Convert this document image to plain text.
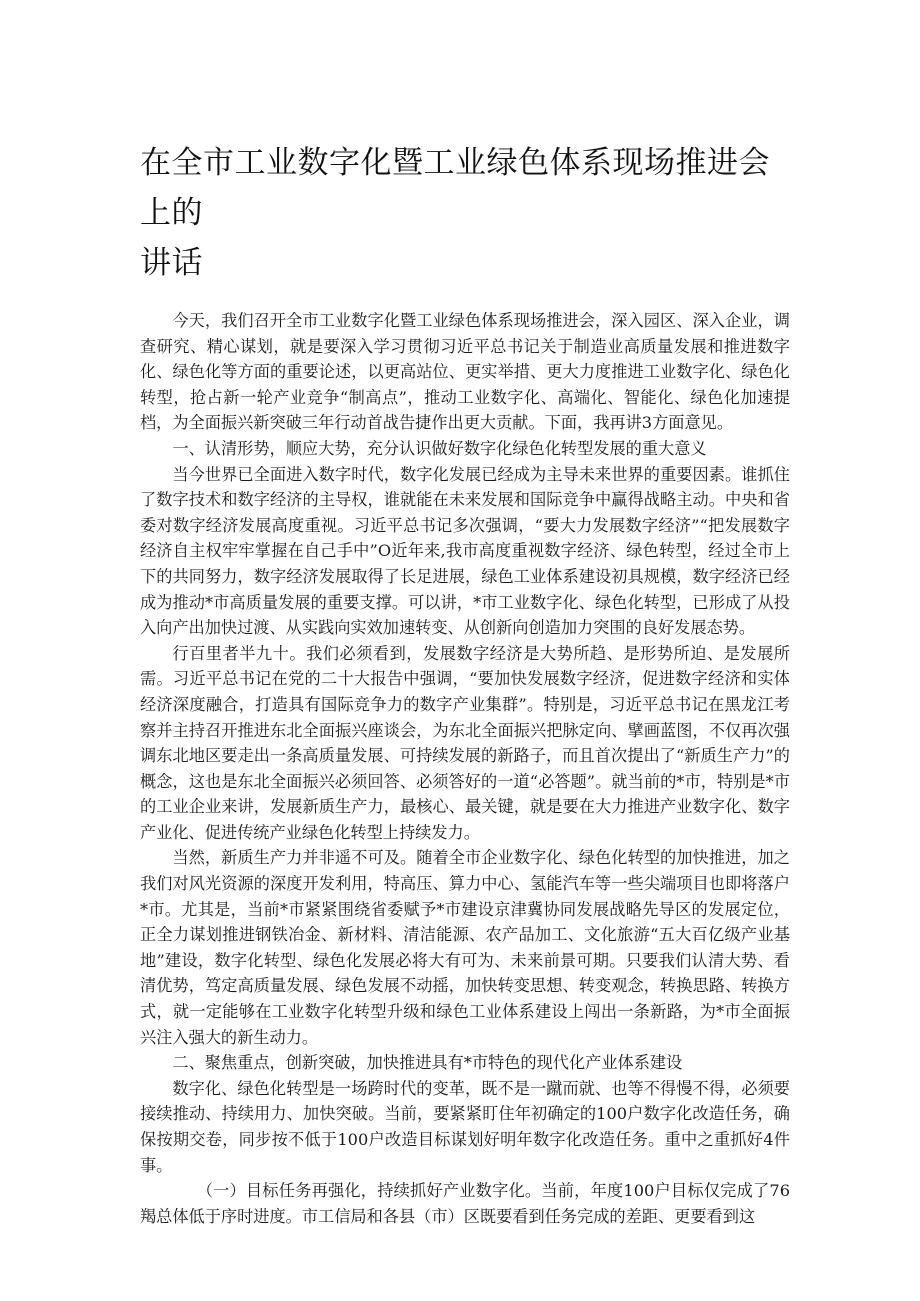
在全市工业数字化暨工业绿色体系现场推进会上的
讲话

今天，我们召开全市工业数字化暨工业绿色体系现场推进会，深入园区、深入企业，调查研究、精心谋划，就是要深入学习贯彻习近平总书记关于制造业高质量发展和推进数字化、绿色化等方面的重要论述，以更高站位、更实举措、更大力度推进工业数字化、绿色化转型，抢占新一轮产业竞争“制高点”，推动工业数字化、高端化、智能化、绿色化加速提档，为全面振兴新突破三年行动首战告捷作出更大贡献。下面，我再讲3方面意见。

一、认清形势，顺应大势，充分认识做好数字化绿色化转型发展的重大意义

当今世界已全面进入数字时代，数字化发展已经成为主导未来世界的重要因素。谁抓住了数字技术和数字经济的主导权，谁就能在未来发展和国际竞争中赢得战略主动。中央和省委对数字经济发展高度重视。习近平总书记多次强调，“要大力发展数字经济”“把发展数字经济自主权牢牢掌握在自己手中”O近年来,我市高度重视数字经济、绿色转型，经过全市上下的共同努力，数字经济发展取得了长足进展，绿色工业体系建设初具规模，数字经济已经成为推动*市高质量发展的重要支撑。可以讲，*市工业数字化、绿色化转型，已形成了从投入向产出加快过渡、从实践向实效加速转变、从创新向创造加力突围的良好发展态势。

行百里者半九十。我们必须看到，发展数字经济是大势所趋、是形势所迫、是发展所需。习近平总书记在党的二十大报告中强调，“要加快发展数字经济，促进数字经济和实体经济深度融合，打造具有国际竞争力的数字产业集群”。特别是，习近平总书记在黑龙江考察并主持召开推进东北全面振兴座谈会，为东北全面振兴把脉定向、擘画蓝图，不仅再次强调东北地区要走出一条高质量发展、可持续发展的新路子，而且首次提出了“新质生产力”的概念，这也是东北全面振兴必须回答、必须答好的一道“必答题”。就当前的*市，特别是*市的工业企业来讲，发展新质生产力，最核心、最关键，就是要在大力推进产业数字化、数字产业化、促进传统产业绿色化转型上持续发力。

当然，新质生产力并非遥不可及。随着全市企业数字化、绿色化转型的加快推进，加之我们对风光资源的深度开发利用，特高压、算力中心、氢能汽车等一些尖端项目也即将落户*市。尤其是，当前*市紧紧围绕省委赋予*市建设京津冀协同发展战略先导区的发展定位，正全力谋划推进钢铁冶金、新材料、清洁能源、农产品加工、文化旅游“五大百亿级产业基地”建设，数字化转型、绿色化发展必将大有可为、未来前景可期。只要我们认清大势、看清优势，笃定高质量发展、绿色发展不动摇，加快转变思想、转变观念，转换思路、转换方式，就一定能够在工业数字化转型升级和绿色工业体系建设上闯出一条新路，为*市全面振兴注入强大的新生动力。

二、聚焦重点，创新突破，加快推进具有*市特色的现代化产业体系建设

数字化、绿色化转型是一场跨时代的变革，既不是一蹴而就、也等不得慢不得，必须要接续推动、持续用力、加快突破。当前，要紧紧盯住年初确定的100户数字化改造任务，确保按期交卷，同步按不低于100户改造目标谋划好明年数字化改造任务。重中之重抓好4件事。

（一）目标任务再强化，持续抓好产业数字化。当前，年度100户目标仅完成了76羯总体低于序时进度。市工信局和各县（市）区既要看到任务完成的差距、更要看到这
